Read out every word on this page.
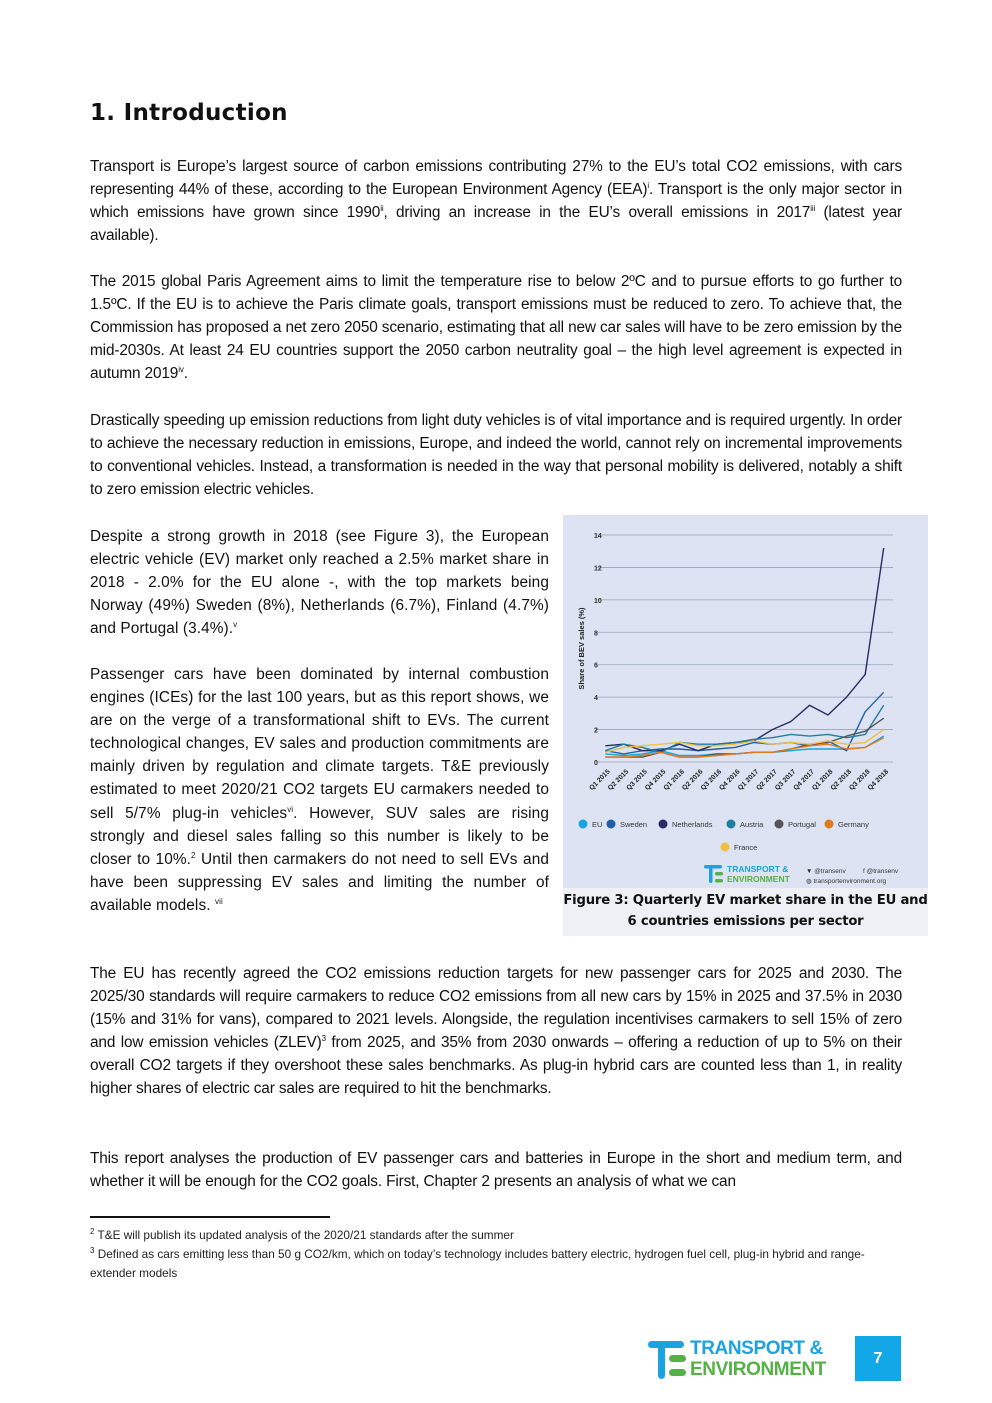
1. Introduction

Transport is Europe’s largest source of carbon emissions contributing 27% to the EU’s total CO2 emissions, with cars representing 44% of these, according to the European Environment Agency (EEA)$^i$. Transport is the only major sector in which emissions have grown since 1990$^{ii}$, driving an increase in the EU’s overall emissions in 2017$^{iii}$ (latest year available).

The 2015 global Paris Agreement aims to limit the temperature rise to below 2ºC and to pursue efforts to go further to 1.5ºC. If the EU is to achieve the Paris climate goals, transport emissions must be reduced to zero. To achieve that, the Commission has proposed a net zero 2050 scenario, estimating that all new car sales will have to be zero emission by the mid-2030s. At least 24 EU countries support the 2050 carbon neutrality goal – the high level agreement is expected in autumn 2019$^{iv}$.

Drastically speeding up emission reductions from light duty vehicles is of vital importance and is required urgently. In order to achieve the necessary reduction in emissions, Europe, and indeed the world, cannot rely on incremental improvements to conventional vehicles. Instead, a transformation is needed in the way that personal mobility is delivered, notably a shift to zero emission electric vehicles.

Despite a strong growth in 2018 (see Figure 3), the European electric vehicle (EV) market only reached a 2.5% market share in 2018 - 2.0% for the EU alone -, with the top markets being Norway (49%) Sweden (8%), Netherlands (6.7%), Finland (4.7%) and Portugal (3.4%).$^v$

Passenger cars have been dominated by internal combustion engines (ICEs) for the last 100 years, but as this report shows, we are on the verge of a transformational shift to EVs. The current technological changes, EV sales and production commitments are mainly driven by regulation and climate targets. T&E previously estimated to meet 2020/21 CO2 targets EU carmakers needed to sell 5/7% plug-in vehicles$^{vi}$. However, SUV sales are rising strongly and diesel sales falling so this number is likely to be closer to 10%.$^2$ Until then carmakers do not need to sell EVs and have been suppressing EV sales and limiting the number of available models. $^{vii}$

0
2
4
6
8
10
12
14
Share of BEV sales (%)
Q1 2015
Q2 2015
Q3 2015
Q4 2015
Q1 2016
Q2 2016
Q3 2016
Q4 2016
Q1 2017
Q2 2017
Q3 2017
Q4 2017
Q1 2018
Q2 2018
Q3 2018
Q4 2018
EU Sweden	Netherlands	Austria	Portugal	Germany
France
TRANSPORT &
ENVIRONMENT
▼ @transenv	f @transenv
◍ transportenvironment.org
Figure 3: Quarterly EV market share in the EU and
6 countries emissions per sector

The EU has recently agreed the CO2 emissions reduction targets for new passenger cars for 2025 and 2030. The 2025/30 standards will require carmakers to reduce CO2 emissions from all new cars by 15% in 2025 and 37.5% in 2030 (15% and 31% for vans), compared to 2021 levels. Alongside, the regulation incentivises carmakers to sell 15% of zero and low emission vehicles (ZLEV)$^3$ from 2025, and 35% from 2030 onwards – offering a reduction of up to 5% on their overall CO2 targets if they overshoot these sales benchmarks. As plug-in hybrid cars are counted less than 1, in reality higher shares of electric car sales are required to hit the benchmarks.

This report analyses the production of EV passenger cars and batteries in Europe in the short and medium term, and whether it will be enough for the CO2 goals. First, Chapter 2 presents an analysis of what we can

$^2$ T&E will publish its updated analysis of the 2020/21 standards after the summer
$^3$ Defined as cars emitting less than 50 g CO2/km, which on today’s technology includes battery electric, hydrogen fuel cell, plug-in hybrid and range-extender models
TRANSPORT &
ENVIRONMENT
7
